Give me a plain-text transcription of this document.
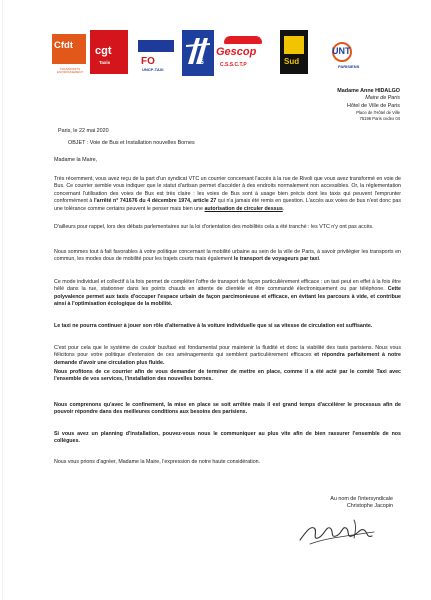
Cfdt
TRANSPORTS ENVIRONNEMENT
cgt
Taxis	FO
UNCP-TAXI
75
Gescop
C.S.S.C.T.P	Sud
UNT
PARISIENS
Madame Anne HIDALGO
Maire de Paris
Hôtel de Ville de Paris
Place de l'Hôtel de Ville
75196 Paris cedex 04
Paris, le 22 mai 2020
OBJET : Voie de Bus et Installation nouvelles Bornes
Madame la Maire,

Très récemment, vous avez reçu de la part d'un syndicat VTC un courrier concernant l'accès à la rue de Rivoli que vous avez transformé en voie de Bus. Ce courrier semble vous indiquer que le statut d'artisan permet d'accéder à des endroits normalement non accessibles. Or, la réglementation concernant l'utilisation des voies de Bus est très claire : les voies de Bus sont à usage bien précis dont les taxis qui peuvent l'emprunter conformément à l'arrêté n° 741676 du 4 décembre 1974, article 27 qui n'a jamais été remis en question. L'accès aux voies de bus n'est donc pas une tolérance comme certains peuvent le penser mais bien une autorisation de circuler dessus.

D'ailleurs pour rappel, lors des débats parlementaires sur la loi d'orientation des mobilités cela a été tranché : les VTC n'y ont pas accès.

Nous sommes tout à fait favorables à votre politique concernant la mobilité urbaine au sein de la ville de Paris, à savoir privilégier les transports en commun, les modes doux de mobilité pour les trajets courts mais également le transport de voyageurs par taxi.

Ce mode individuel et collectif à la fois permet de compléter l'offre de transport de façon particulièrement efficace : un taxi peut en effet à la fois être hélé dans la rue, stationner dans les points chauds en attente de clientèle et être commandé électroniquement ou par téléphone. Cette polyvalence permet aux taxis d'occuper l'espace urbain de façon parcimonieuse et efficace, en évitant les parcours à vide, et contribue ainsi à l'optimisation écologique de la mobilité.

Le taxi ne pourra continuer à jouer son rôle d'alternative à la voiture individuelle que si sa vitesse de circulation est suffisante.

C'est pour cela que le système de couloir bus/taxi est fondamental pour maintenir la fluidité et donc la viabilité des taxis parisiens. Nous vous félicitons pour votre politique d'extension de ces aménagements qui semblent particulièrement efficaces et répondra parfaitement à notre demande d'avoir une circulation plus fluide.

Nous profitons de ce courrier afin de vous demander de terminer de mettre en place, comme il a été acté par le comité Taxi avec l'ensemble de vos services, l'installation des nouvelles bornes.

Nous comprenons qu'avec le confinement, la mise en place se soit arrêtée mais il est grand temps d'accélérer le processus afin de pouvoir répondre dans des meilleures conditions aux besoins des parisiens.

Si vous avez un planning d'installation, pouvez-vous nous le communiquer au plus vite afin de bien rassurer l'ensemble de nos collègues.

Nous vous prions d'agréer, Madame la Maire, l'expression de notre haute considération.

Au nom de l'intersyndicale
Christophe Jacopin
